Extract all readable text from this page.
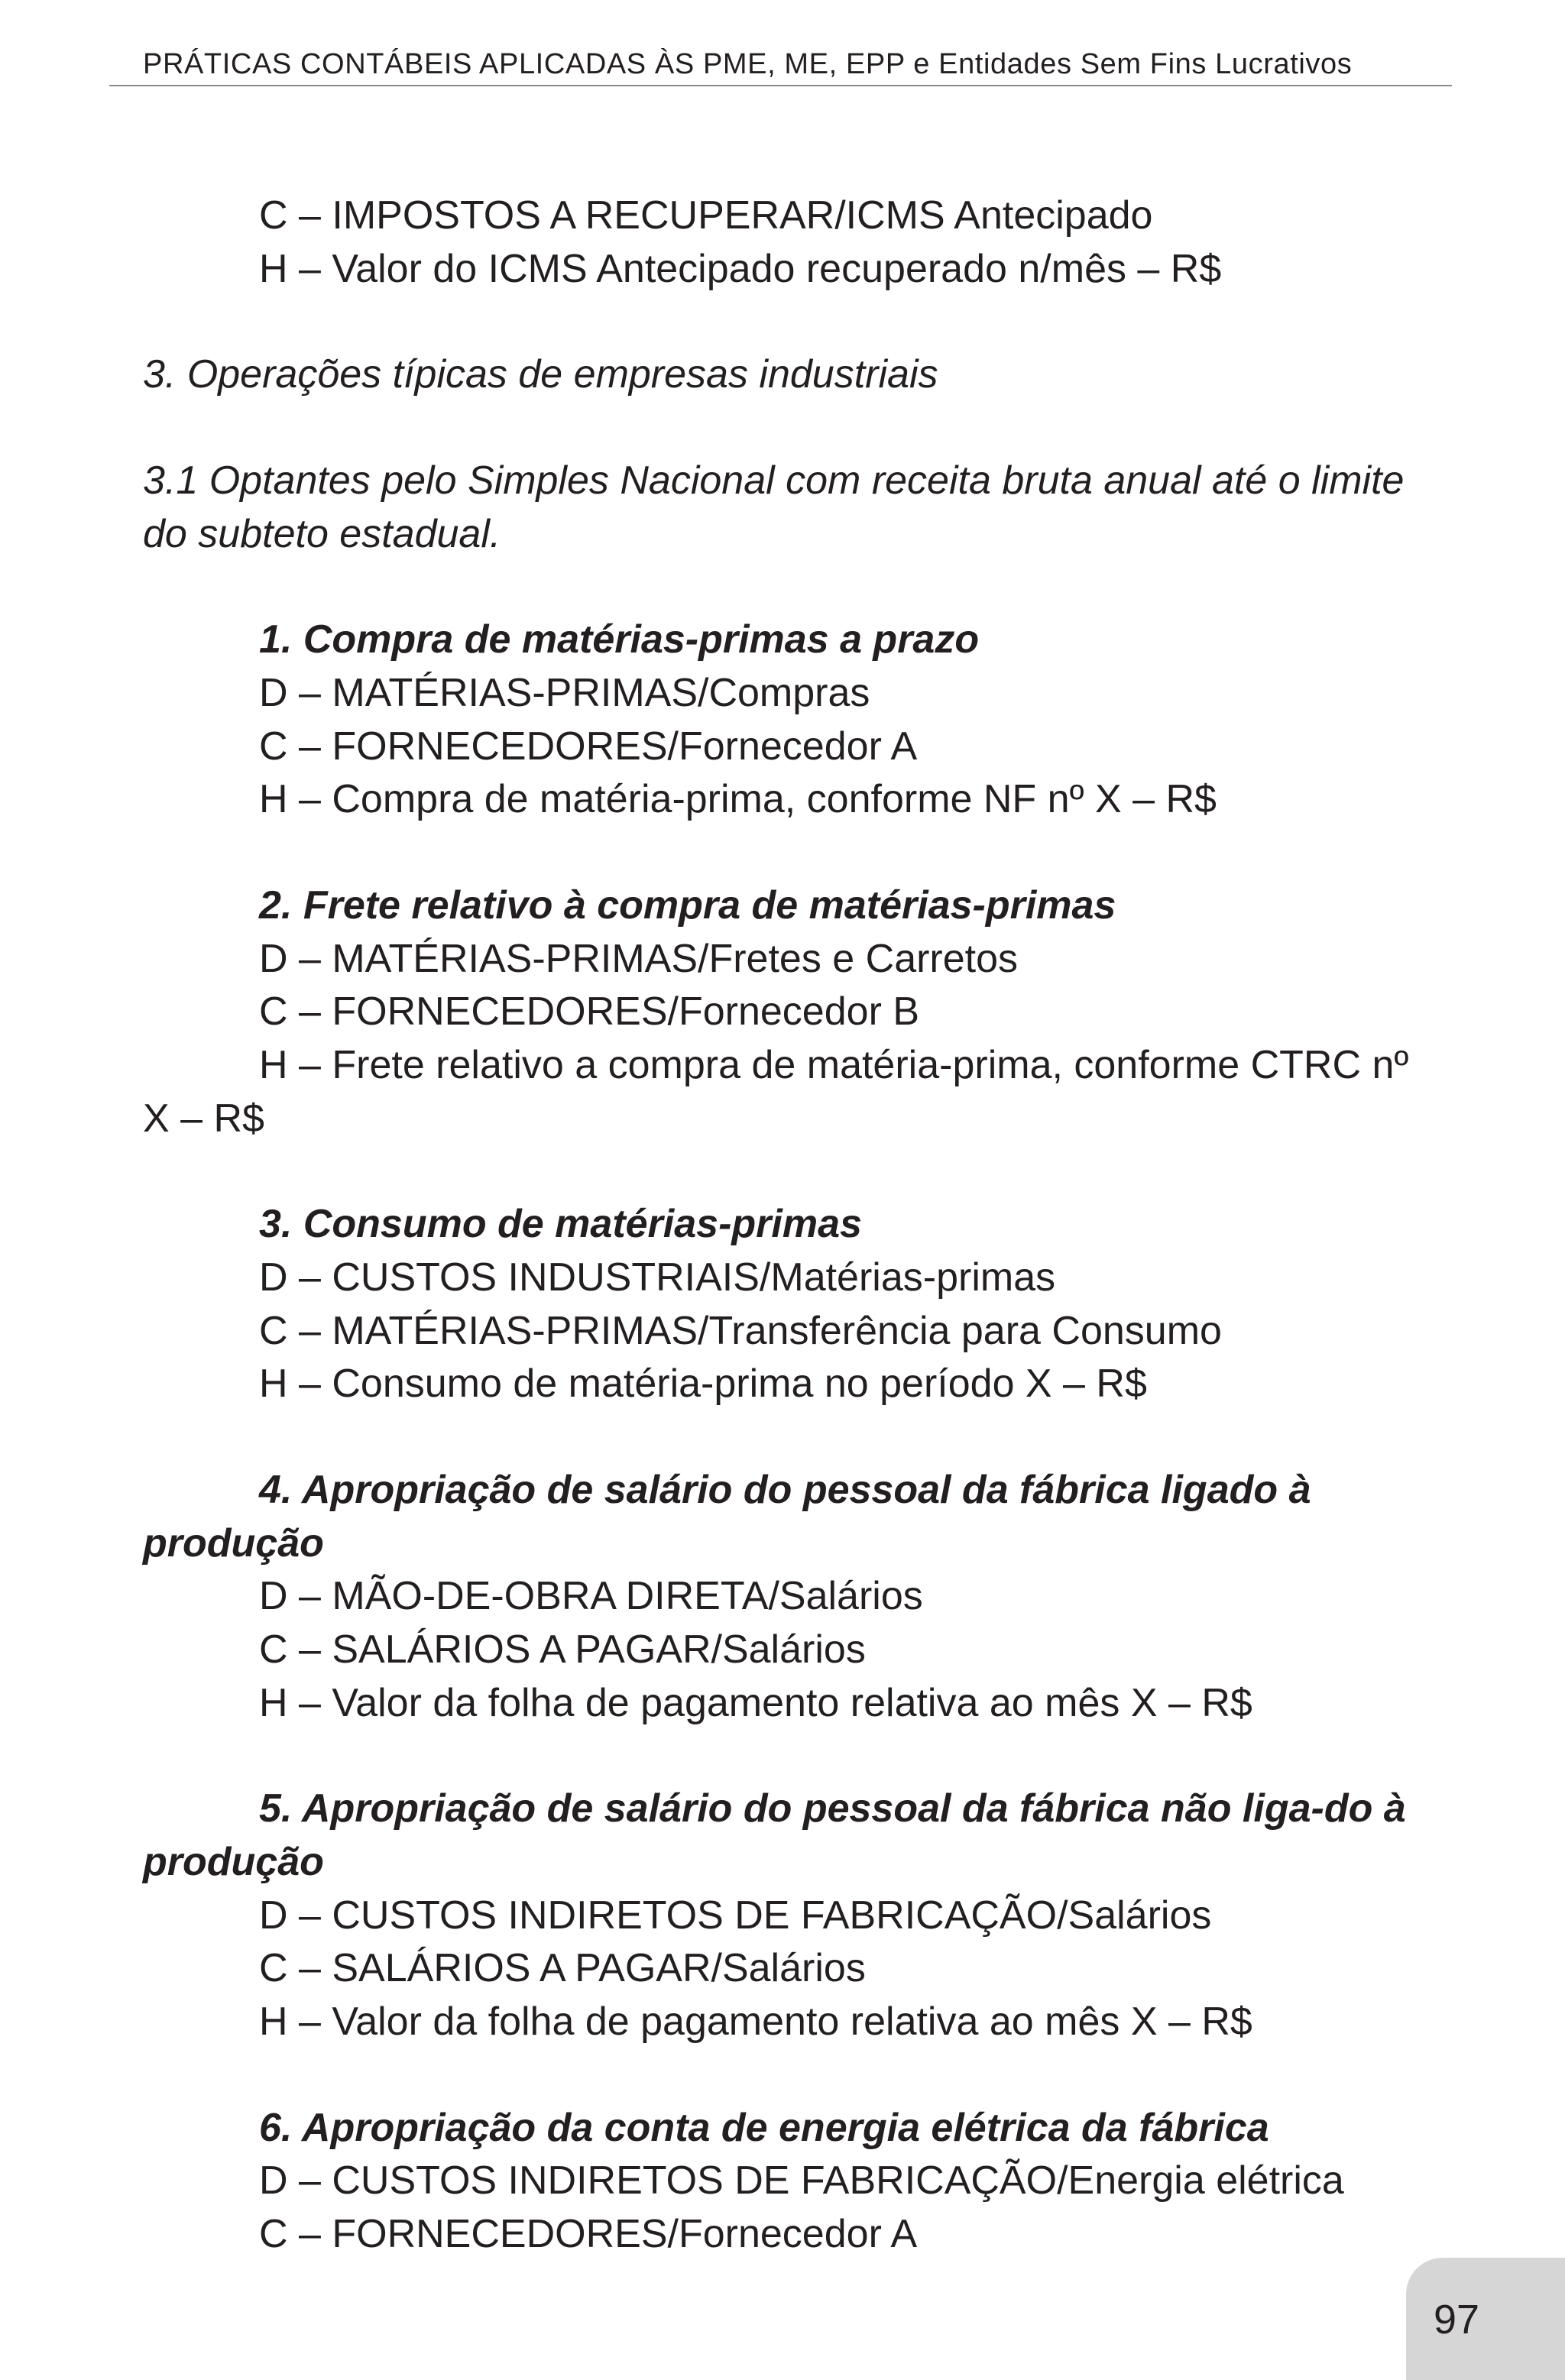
PRÁTICAS CONTÁBEIS APLICADAS ÀS PME, ME, EPP e Entidades Sem Fins Lucrativos

C – IMPOSTOS A RECUPERAR/ICMS Antecipado

H – Valor do ICMS Antecipado recuperado n/mês – R$

3. Operações típicas de empresas industriais

3.1 Optantes pelo Simples Nacional com receita bruta anual até o limite do subteto estadual.

1. Compra de matérias-primas a prazo

D – MATÉRIAS-PRIMAS/Compras

C – FORNECEDORES/Fornecedor A

H – Compra de matéria-prima, conforme NF nº X – R$

2. Frete relativo à compra de matérias-primas

D – MATÉRIAS-PRIMAS/Fretes e Carretos

C – FORNECEDORES/Fornecedor B

H – Frete relativo a compra de matéria-prima, conforme CTRC nº X – R$

3. Consumo de matérias-primas

D – CUSTOS INDUSTRIAIS/Matérias-primas

C – MATÉRIAS-PRIMAS/Transferência para Consumo

H – Consumo de matéria-prima no período X – R$

4. Apropriação de salário do pessoal da fábrica ligado à produção

D – MÃO-DE-OBRA DIRETA/Salários

C – SALÁRIOS A PAGAR/Salários

H – Valor da folha de pagamento relativa ao mês X – R$

5. Apropriação de salário do pessoal da fábrica não liga-do à produção

D – CUSTOS INDIRETOS DE FABRICAÇÃO/Salários

C – SALÁRIOS A PAGAR/Salários

H – Valor da folha de pagamento relativa ao mês X – R$

6. Apropriação da conta de energia elétrica da fábrica

D – CUSTOS INDIRETOS DE FABRICAÇÃO/Energia elétrica

C – FORNECEDORES/Fornecedor A

97
